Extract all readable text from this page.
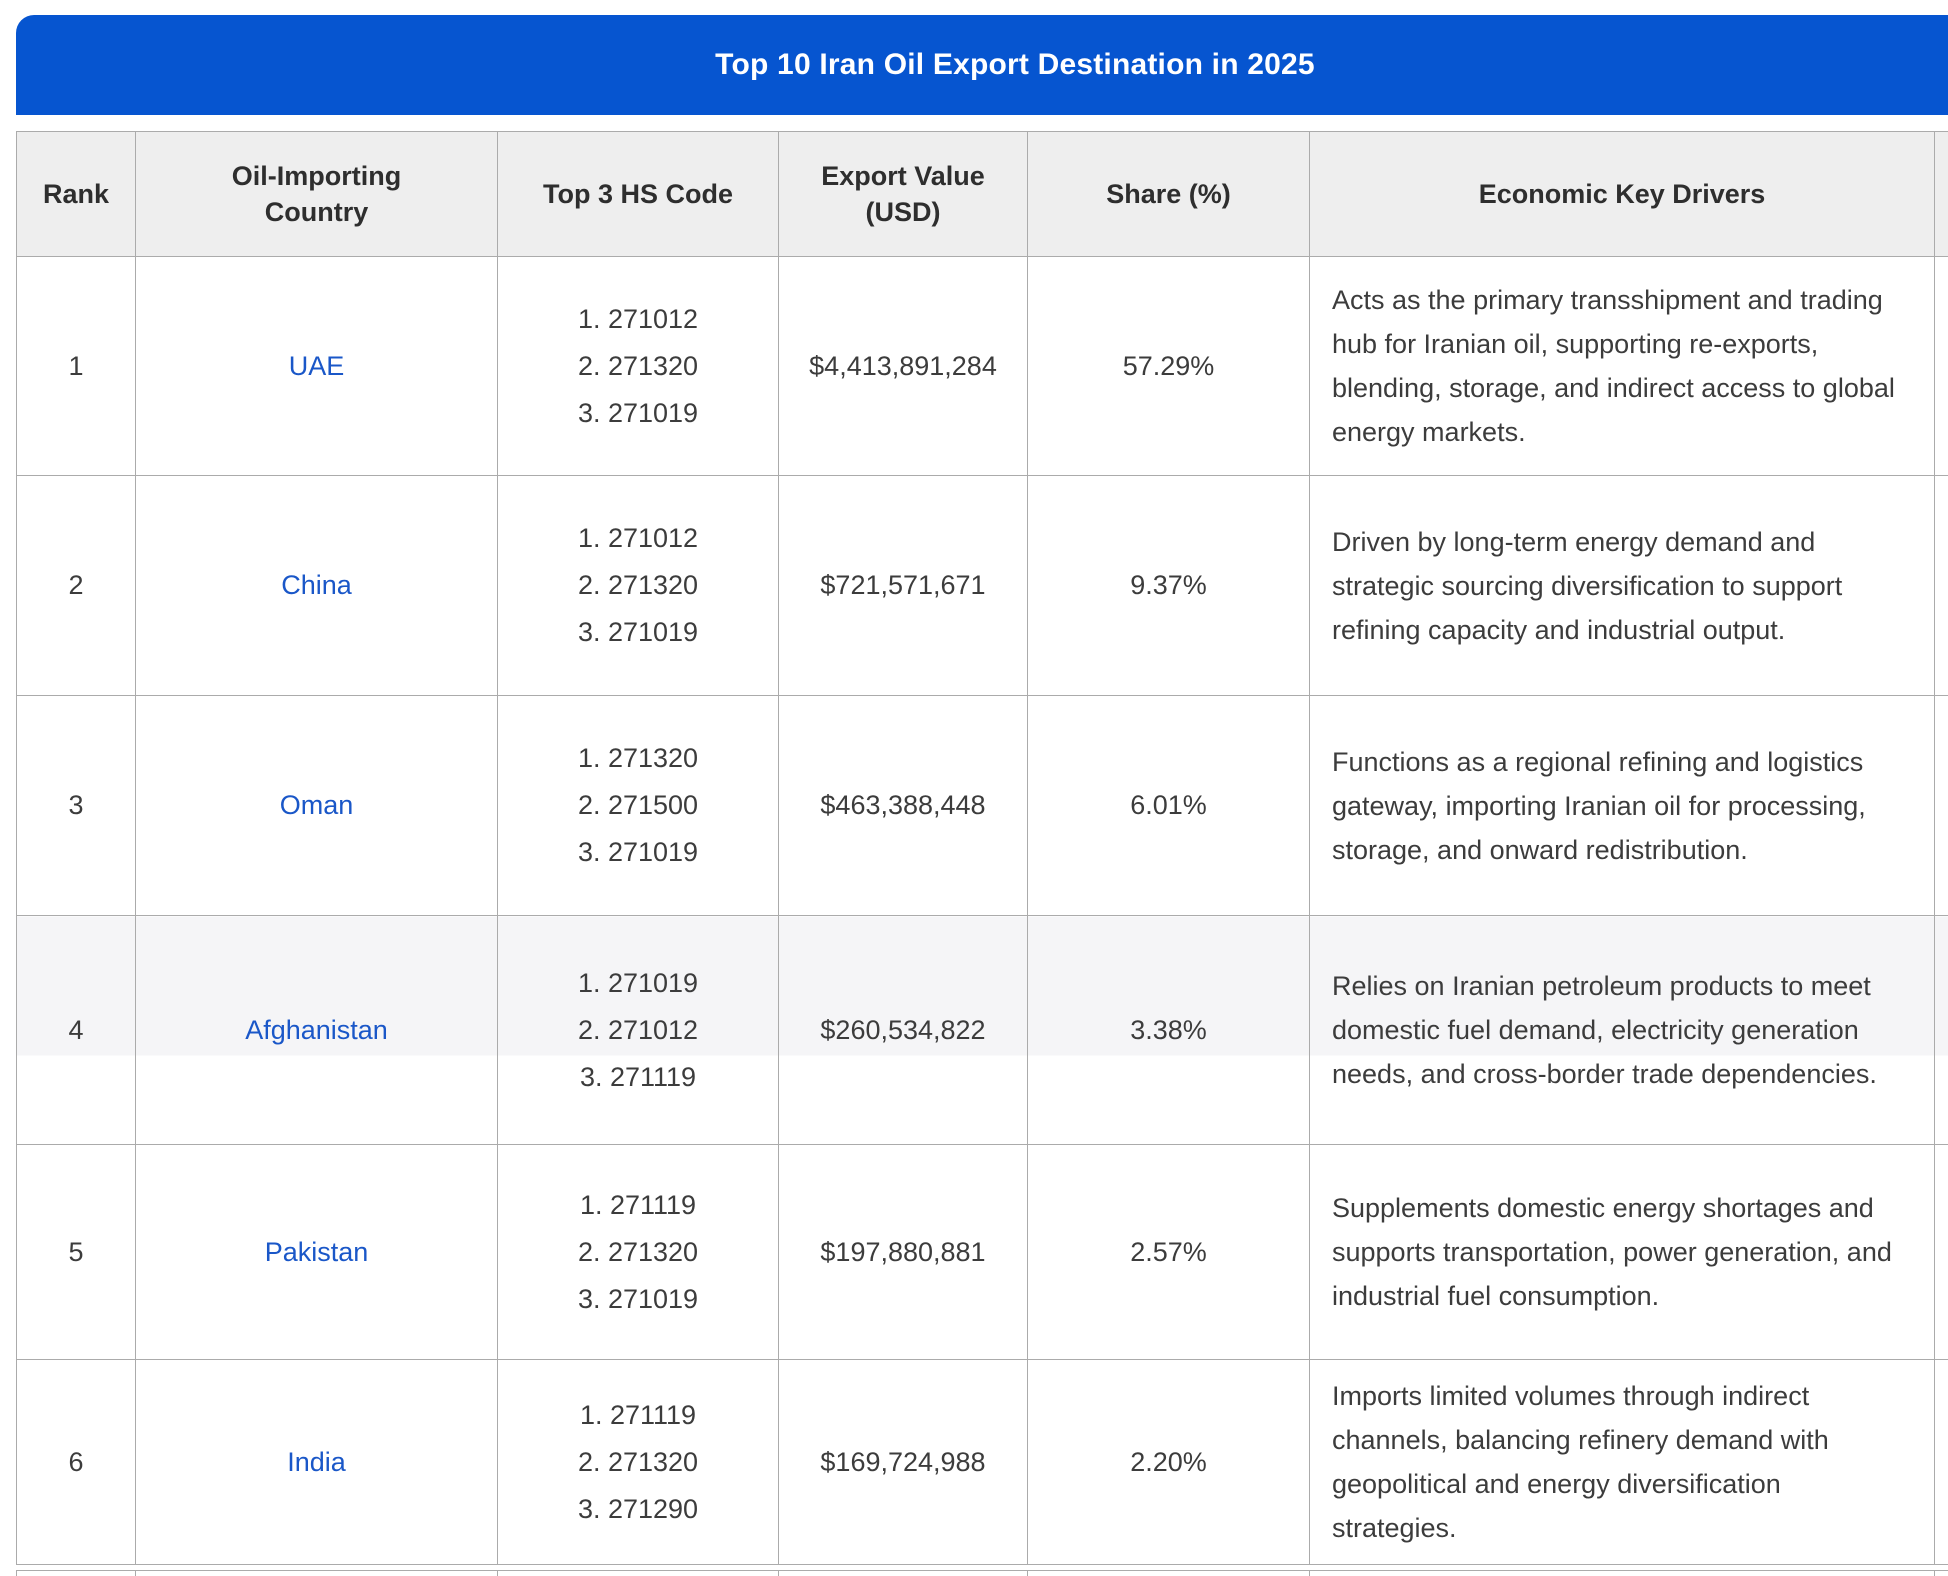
Top 10 Iran Oil Export Destination in 2025
Rank	Oil-Importing Country	Top 3 HS Code	Export Value (USD)	Share (%)	Economic Key Drivers	
1	UAE	1. 271012
2. 271320
3. 271019	$4,413,891,284	57.29%	Acts as the primary transshipment and trading hub for Iranian oil, supporting re-exports, blending, storage, and indirect access to global energy markets.	
2	China	1. 271012
2. 271320
3. 271019	$721,571,671	9.37%	Driven by long-term energy demand and strategic sourcing diversification to support refining capacity and industrial output.	
3	Oman	1. 271320
2. 271500
3. 271019	$463,388,448	6.01%	Functions as a regional refining and logistics gateway, importing Iranian oil for processing, storage, and onward redistribution.	
4	Afghanistan	1. 271019
2. 271012
3. 271119	$260,534,822	3.38%	Relies on Iranian petroleum products to meet domestic fuel demand, electricity generation needs, and cross-border trade dependencies.	
5	Pakistan	1. 271119
2. 271320
3. 271019	$197,880,881	2.57%	Supplements domestic energy shortages and supports transportation, power generation, and industrial fuel consumption.	
6	India	1. 271119
2. 271320
3. 271290	$169,724,988	2.20%	Imports limited volumes through indirect channels, balancing refinery demand with geopolitical and energy diversification strategies.	
